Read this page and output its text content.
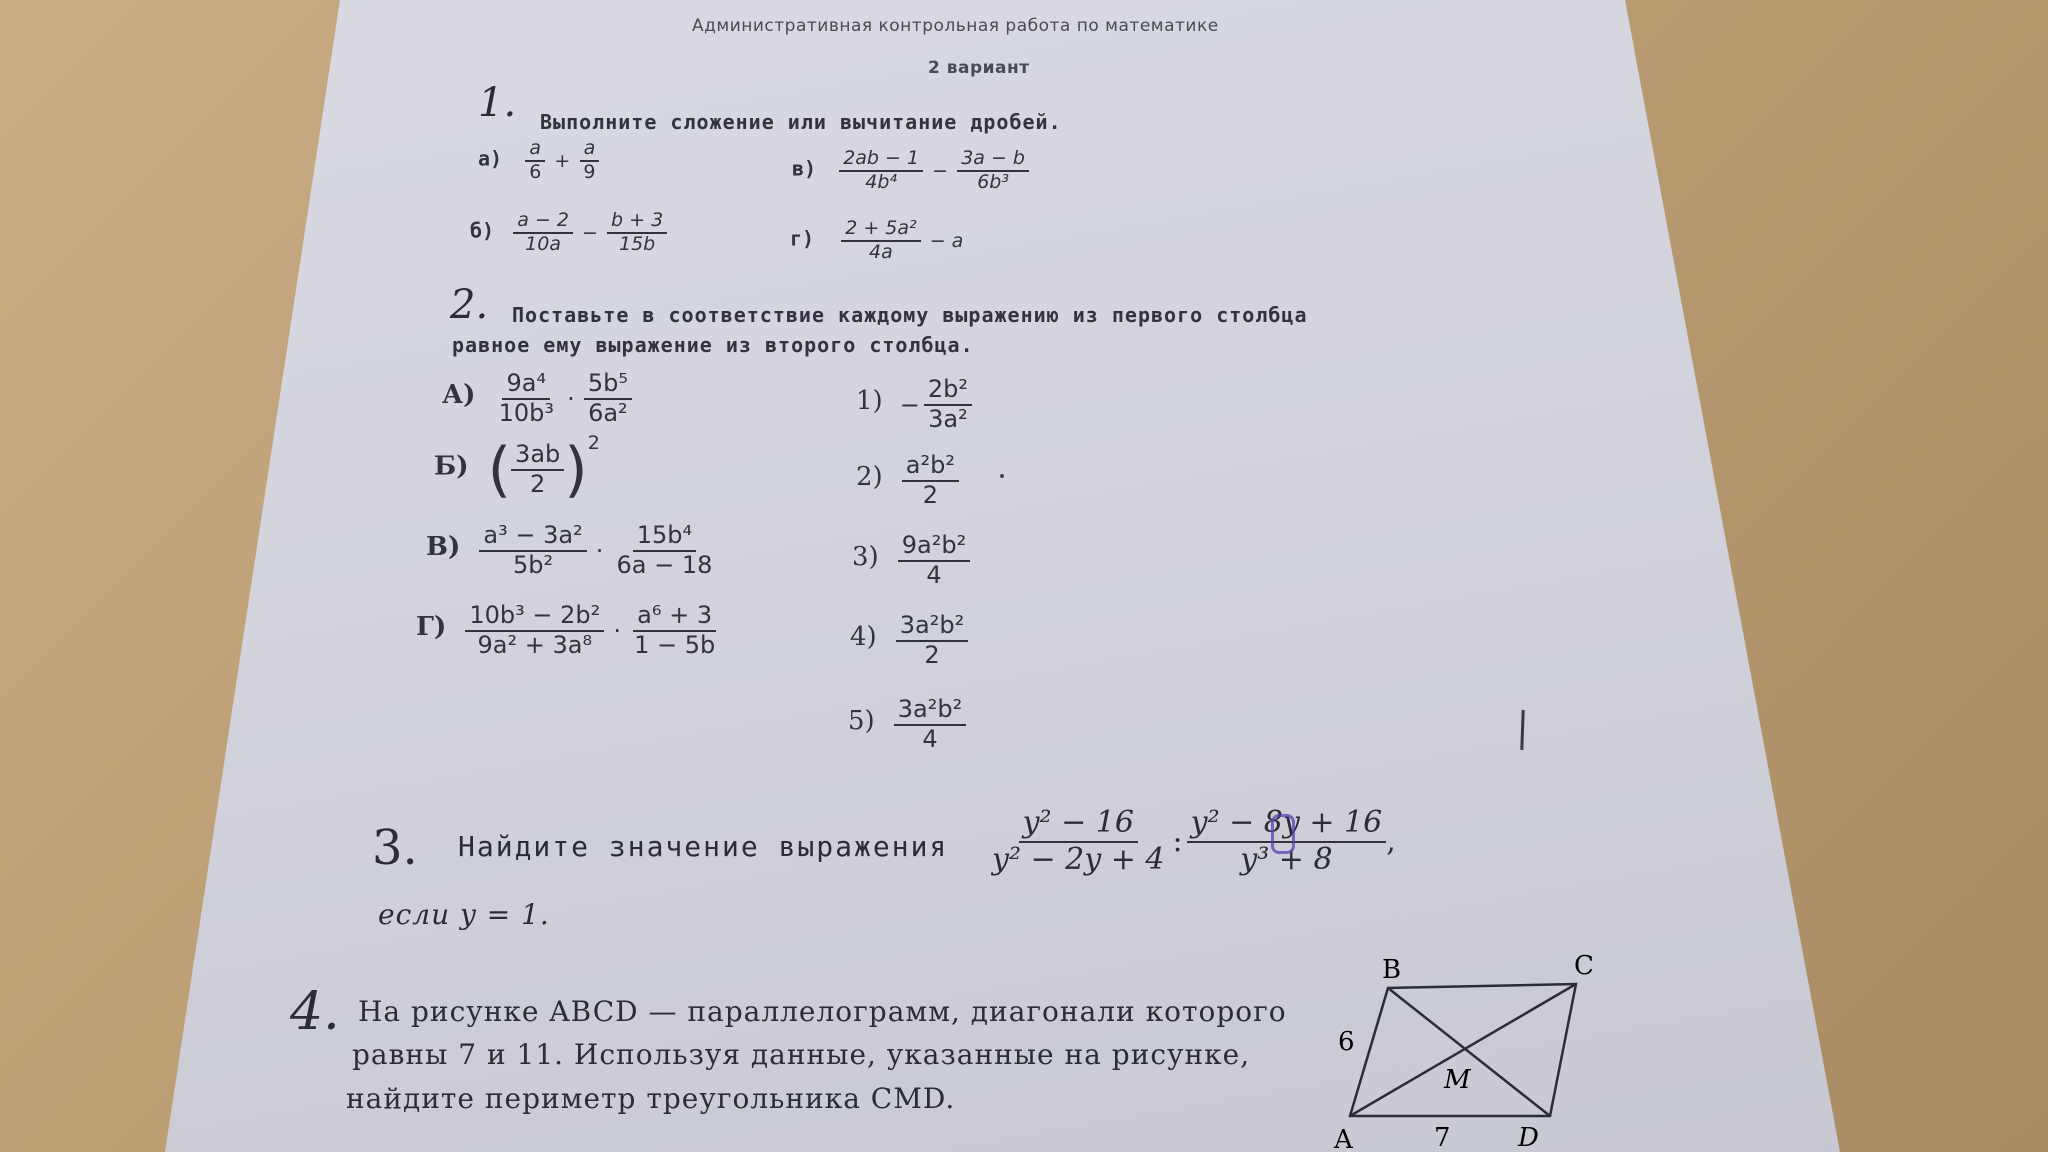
Административная контрольная работа по математике
2 вариант
1. Выполните сложение или вычитание дробей.
$а) \frac{a}{6} + \frac{a}{9}$
$б) \frac{a - 2}{10a} - \frac{b + 3}{15b}$
$в) \frac{2ab - 1}{\text{4b⁴}} - \frac{3a - b}{\text{6b³}}$
$г) \frac{\text{2 + 5a²}}{4a} - a$
2. Поставьте в соответствие каждому выражению из первого столбца
равное ему выражение из второго столбца.
$А) \frac{\text{9a⁴}}{\text{10b³}} \cdot \frac{\text{5b⁵}}{\text{6a²}}$
Б) ( $\frac{3ab}{2} )^2$
$В) \frac{\text{a³ − 3a²}}{\text{5b²}} \cdot \frac{\text{15b⁴}}{6a - 18}$
$Г) \frac{\text{10b³ − 2b²}}{\text{9a² + 3a⁸}} \cdot \frac{\text{a⁶ + 3}}{1 - 5b}$
$1) - \frac{\text{2b²}}{\text{3a²}}$
$2) \frac{\text{a²b²}}{2}$
$3) \frac{\text{9a²b²}}{4}$
$4) \frac{\text{3a²b²}}{2}$
$5) \frac{\text{3a²b²}}{4}$
3. Найдите значение выражения $\frac{\text{y² − 16}}{\text{y² − 2y + 4}}$ : $\frac{\text{y² − 8y + 16}}{\text{y³ + 8}}$ ,
если y = 1.
4. На рисунке ABCD — параллелограмм, диагонали которого
равны 7 и 11. Используя данные, указанные на рисунке,
найдите периметр треугольника CMD.
B	C
A	D
M
6
7
